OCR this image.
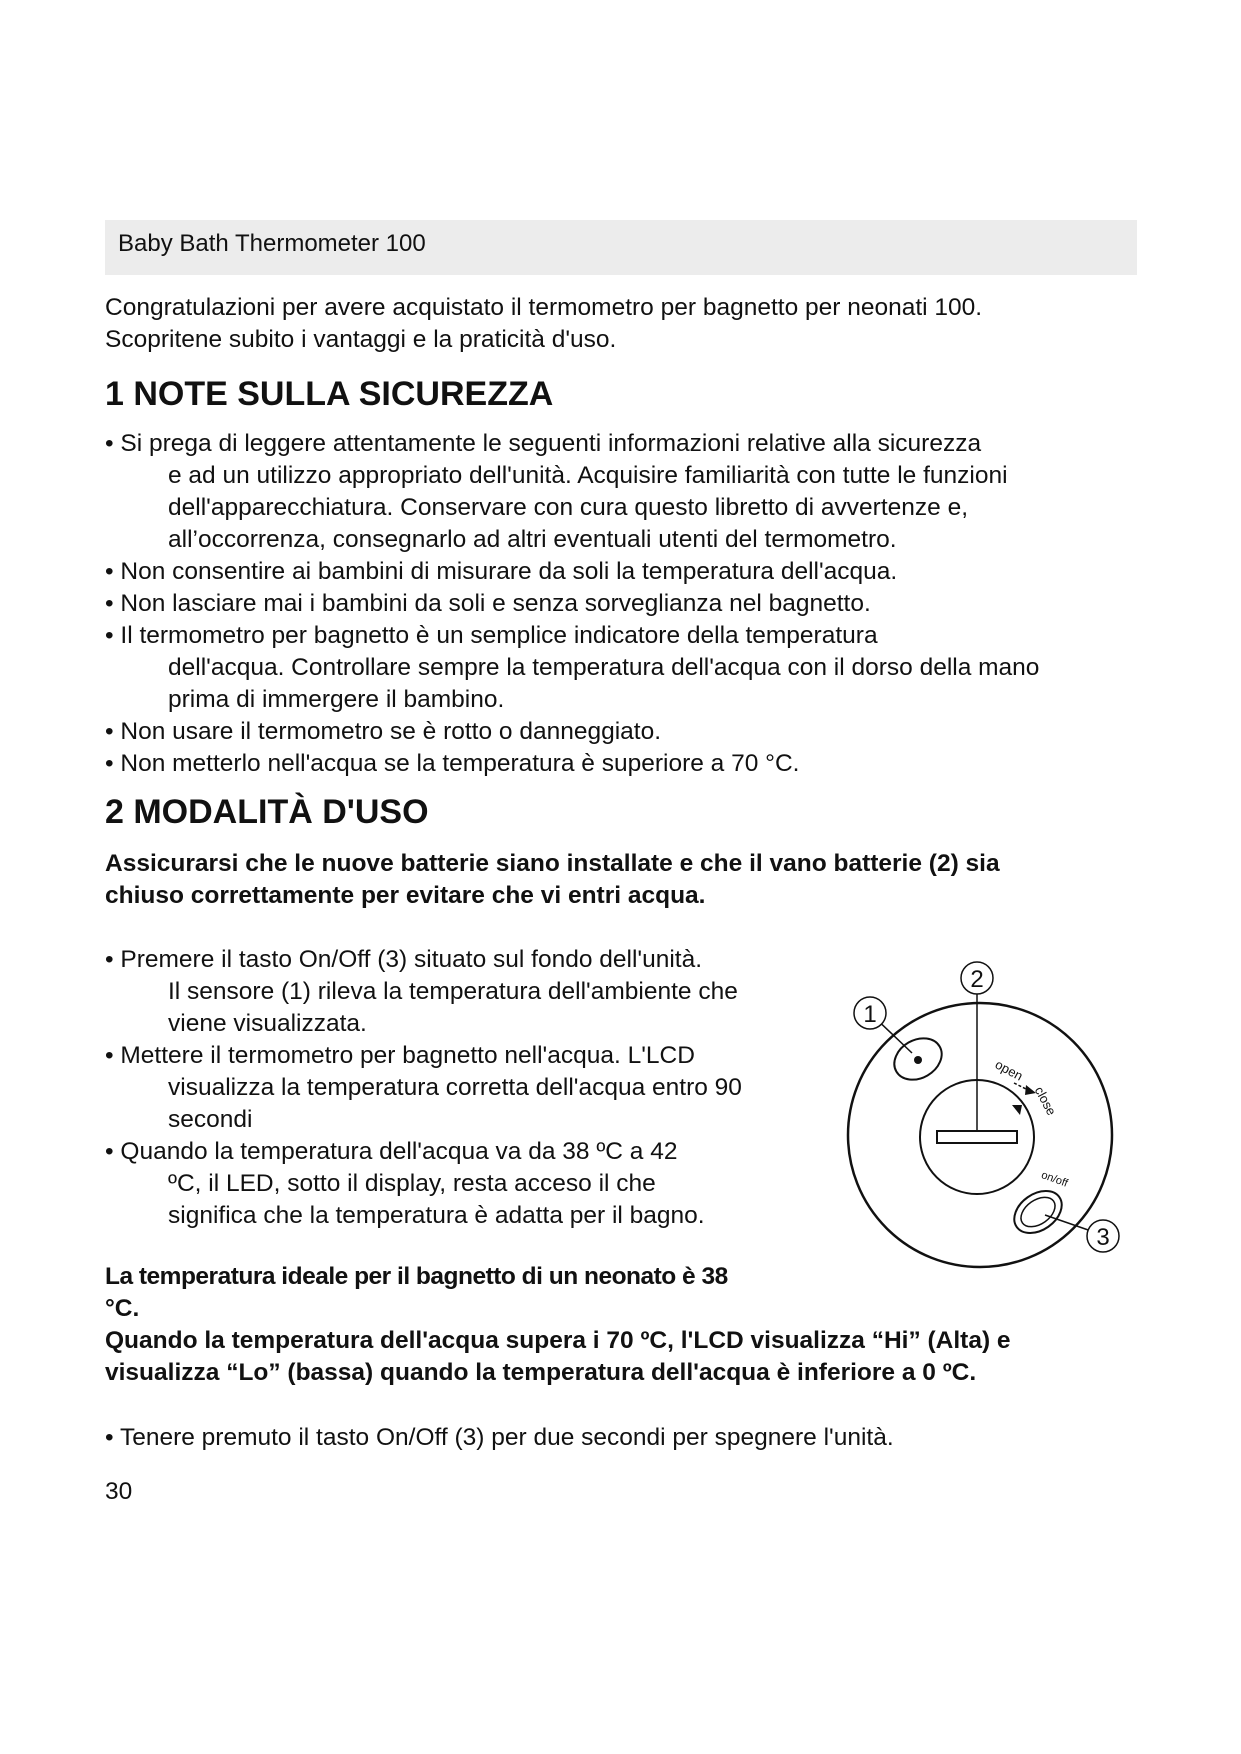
Baby Bath Thermometer 100

Congratulazioni per avere acquistato il termometro per bagnetto per neonati 100.

Scopritene subito i vantaggi e la praticità d'uso.

1 NOTE SULLA SICUREZZA

• Si prega di leggere attentamente le seguenti informazioni relative alla sicurezza
e ad un utilizzo appropriato dell'unità. Acquisire familiarità con tutte le funzioni
dell'apparecchiatura. Conservare con cura questo libretto di avvertenze e,
all’occorrenza, consegnarlo ad altri eventuali utenti del termometro.

• Non consentire ai bambini di misurare da soli la temperatura dell'acqua.

• Non lasciare mai i bambini da soli e senza sorveglianza nel bagnetto.

• Il termometro per bagnetto è un semplice indicatore della temperatura
dell'acqua. Controllare sempre la temperatura dell'acqua con il dorso della mano
prima di immergere il bambino.

• Non usare il termometro se è rotto o danneggiato.

• Non metterlo nell'acqua se la temperatura è superiore a 70 °C.

2 MODALITÀ D'USO

Assicurarsi che le nuove batterie siano installate e che il vano batterie (2) sia

chiuso correttamente per evitare che vi entri acqua.

• Premere il tasto On/Off (3) situato sul fondo dell'unità.
Il sensore (1) rileva la temperatura dell'ambiente che
viene visualizzata.

• Mettere il termometro per bagnetto nell'acqua. L'LCD
visualizza la temperatura corretta dell'acqua entro 90
secondi

• Quando la temperatura dell'acqua va da 38 ºC a 42
ºC, il LED, sotto il display, resta acceso il che
significa che la temperatura è adatta per il bagno.

2
1
3
open
close
on/off

La temperatura ideale per il bagnetto di un neonato è 38

°C.

Quando la temperatura dell'acqua supera i 70 ºC, l'LCD visualizza “Hi” (Alta) e

visualizza “Lo” (bassa) quando la temperatura dell'acqua è inferiore a 0 ºC.

• Tenere premuto il tasto On/Off (3) per due secondi per spegnere l'unità.

30
